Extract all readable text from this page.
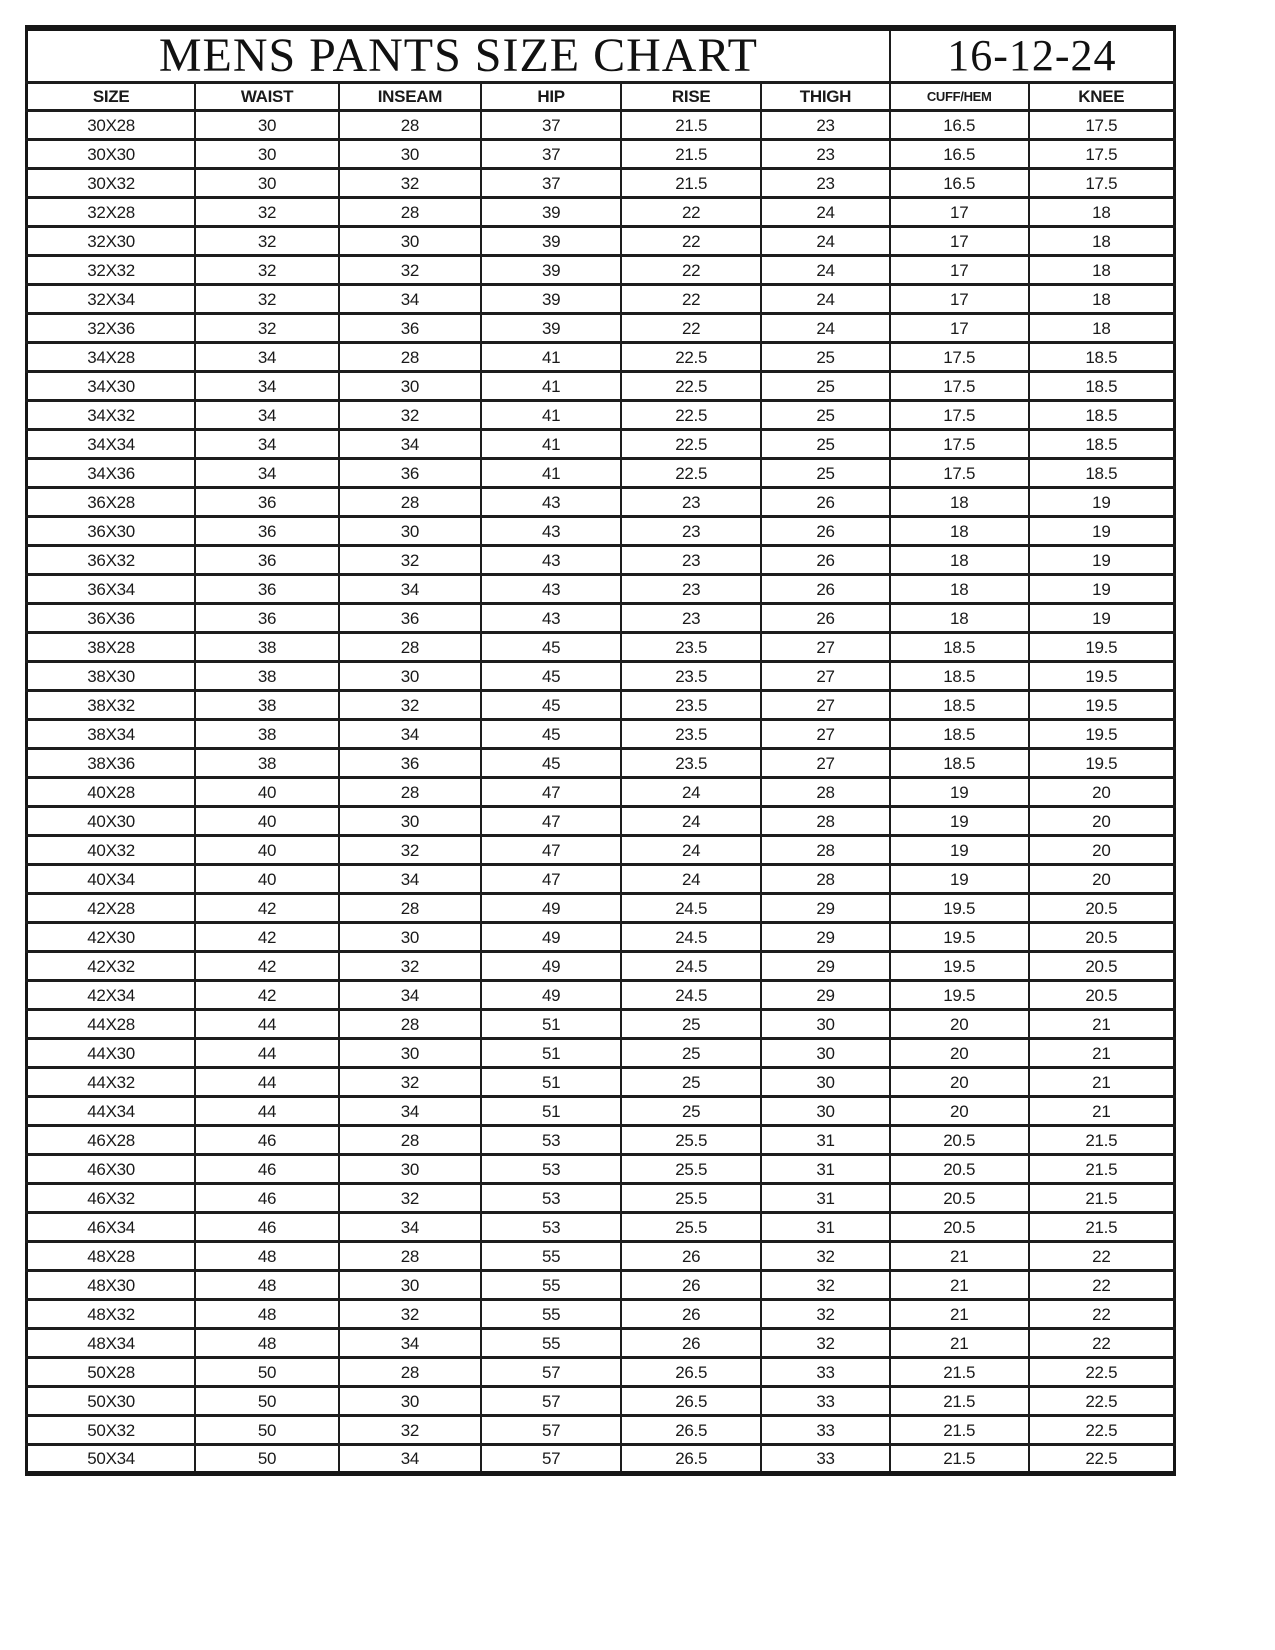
MENS PANTS SIZE CHART						16-12-24	
SIZE	WAIST	INSEAM	HIP	RISE	THIGH	CUFF/HEM	KNEE
30X28	30	28	37	21.5	23	16.5	17.5
30X30	30	30	37	21.5	23	16.5	17.5
30X32	30	32	37	21.5	23	16.5	17.5
32X28	32	28	39	22	24	17	18
32X30	32	30	39	22	24	17	18
32X32	32	32	39	22	24	17	18
32X34	32	34	39	22	24	17	18
32X36	32	36	39	22	24	17	18
34X28	34	28	41	22.5	25	17.5	18.5
34X30	34	30	41	22.5	25	17.5	18.5
34X32	34	32	41	22.5	25	17.5	18.5
34X34	34	34	41	22.5	25	17.5	18.5
34X36	34	36	41	22.5	25	17.5	18.5
36X28	36	28	43	23	26	18	19
36X30	36	30	43	23	26	18	19
36X32	36	32	43	23	26	18	19
36X34	36	34	43	23	26	18	19
36X36	36	36	43	23	26	18	19
38X28	38	28	45	23.5	27	18.5	19.5
38X30	38	30	45	23.5	27	18.5	19.5
38X32	38	32	45	23.5	27	18.5	19.5
38X34	38	34	45	23.5	27	18.5	19.5
38X36	38	36	45	23.5	27	18.5	19.5
40X28	40	28	47	24	28	19	20
40X30	40	30	47	24	28	19	20
40X32	40	32	47	24	28	19	20
40X34	40	34	47	24	28	19	20
42X28	42	28	49	24.5	29	19.5	20.5
42X30	42	30	49	24.5	29	19.5	20.5
42X32	42	32	49	24.5	29	19.5	20.5
42X34	42	34	49	24.5	29	19.5	20.5
44X28	44	28	51	25	30	20	21
44X30	44	30	51	25	30	20	21
44X32	44	32	51	25	30	20	21
44X34	44	34	51	25	30	20	21
46X28	46	28	53	25.5	31	20.5	21.5
46X30	46	30	53	25.5	31	20.5	21.5
46X32	46	32	53	25.5	31	20.5	21.5
46X34	46	34	53	25.5	31	20.5	21.5
48X28	48	28	55	26	32	21	22
48X30	48	30	55	26	32	21	22
48X32	48	32	55	26	32	21	22
48X34	48	34	55	26	32	21	22
50X28	50	28	57	26.5	33	21.5	22.5
50X30	50	30	57	26.5	33	21.5	22.5
50X32	50	32	57	26.5	33	21.5	22.5
50X34	50	34	57	26.5	33	21.5	22.5
